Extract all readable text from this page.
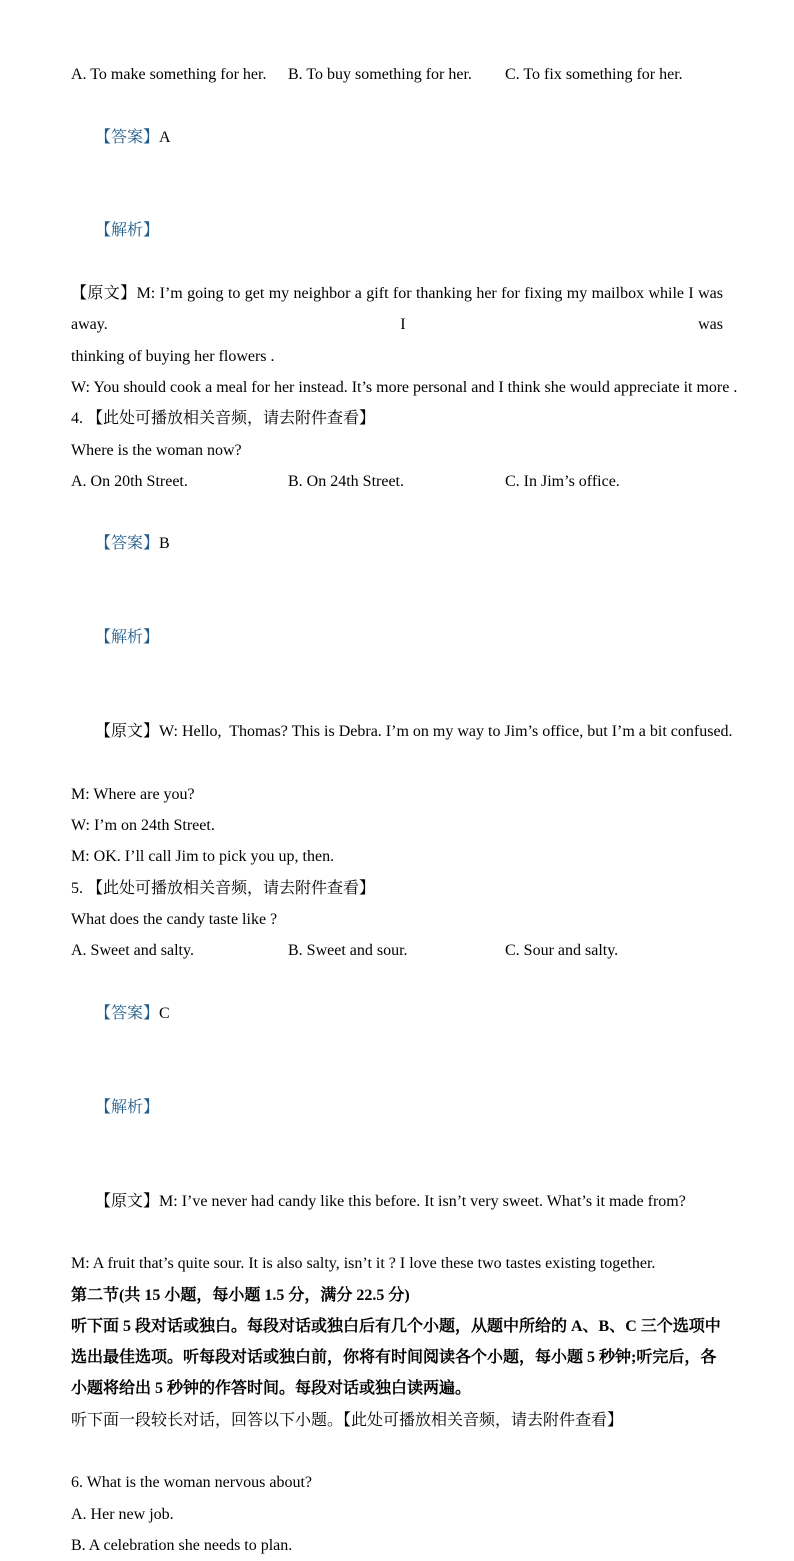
A. To make something for her.	B. To buy something for her.	C. To fix something for her.

【答案】A

【解析】

【原文】M: I’m going to get my neighbor a gift for thanking her for fixing my mailbox while I was away. I was
thinking of buying her flowers .
W: You should cook a meal for her instead. It’s more personal and I think she would appreciate it more .
4. 【此处可播放相关音频，请去附件查看】
Where is the woman now?
A. On 20th Street.	B. On 24th Street.	C. In Jim’s office.

【答案】B

【解析】

【原文】W: Hello,  Thomas? This is Debra. I’m on my way to Jim’s office, but I’m a bit confused.

M: Where are you?
W: I’m on 24th Street.
M: OK. I’ll call Jim to pick you up, then.
5. 【此处可播放相关音频，请去附件查看】
What does the candy taste like ?
A. Sweet and salty.	B. Sweet and sour.	C. Sour and salty.

【答案】C

【解析】

【原文】M: I’ve never had candy like this before. It isn’t very sweet. What’s it made from?

M: A fruit that’s quite sour. It is also salty, isn’t it ? I love these two tastes existing together.
第二节(共 15 小题，每小题 1.5 分，满分 22.5 分)
听下面 5 段对话或独白。每段对话或独白后有几个小题，从题中所给的 A、B、C 三个选项中
选出最佳选项。听每段对话或独白前，你将有时间阅读各个小题，每小题 5 秒钟;听完后，各
小题将给出 5 秒钟的作答时间。每段对话或独白读两遍。
听下面一段较长对话，回答以下小题。【此处可播放相关音频，请去附件查看】
6. What is the woman nervous about?
A. Her new job.
B. A celebration she needs to plan.
